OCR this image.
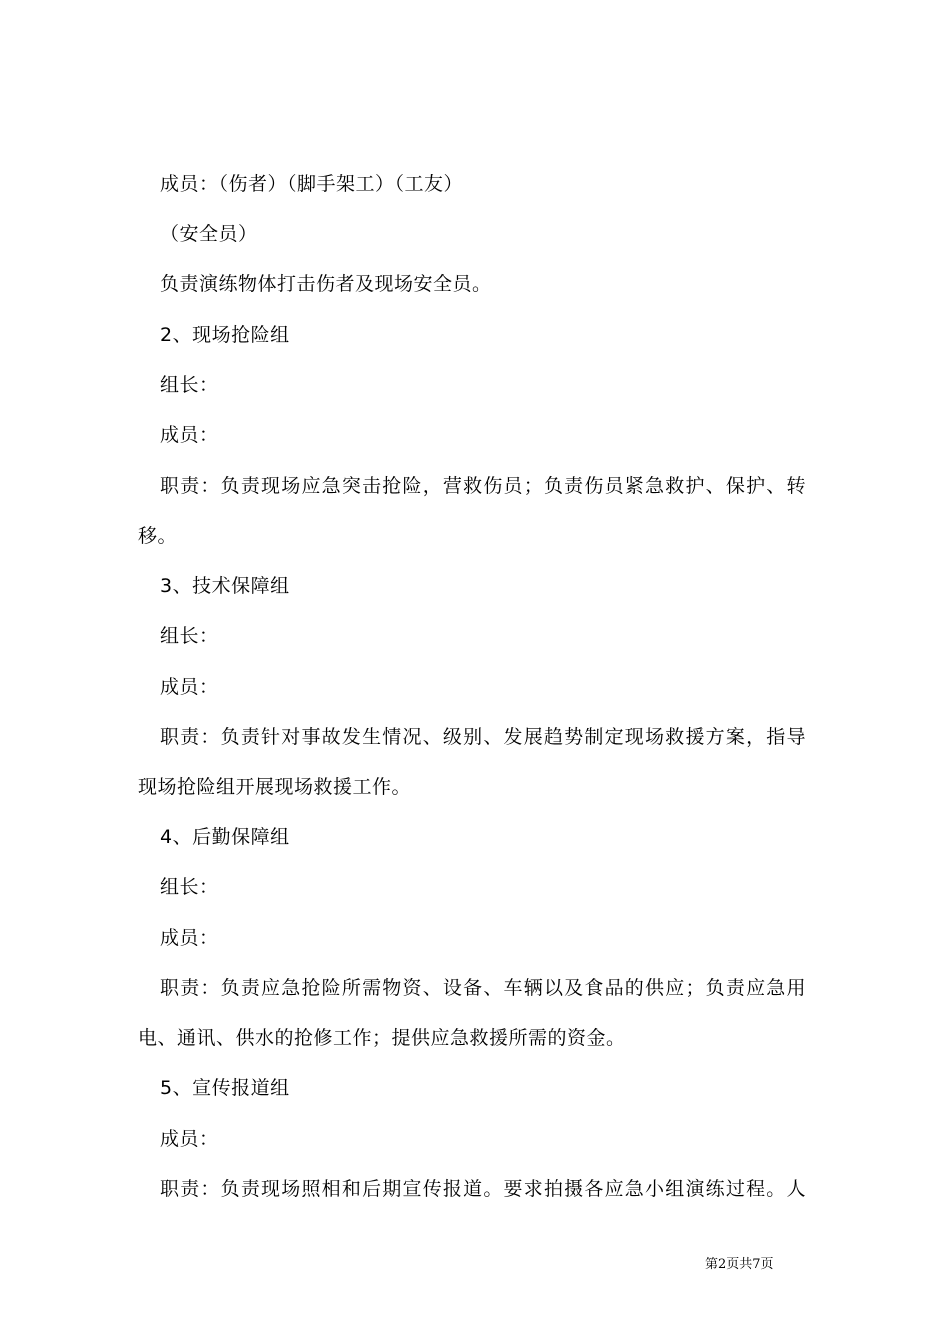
成员：（伤者）（脚手架工）（工友）
（安全员）
负责演练物体打击伤者及现场安全员。
2、现场抢险组
组长：
成员：
职责：负责现场应急突击抢险，营救伤员；负责伤员紧急救护、保护、转
移。
3、技术保障组
组长：
成员：
职责：负责针对事故发生情况、级别、发展趋势制定现场救援方案，指导
现场抢险组开展现场救援工作。
4、后勤保障组
组长：
成员：
职责：负责应急抢险所需物资、设备、车辆以及食品的供应；负责应急用
电、通讯、供水的抢修工作；提供应急救援所需的资金。
5、宣传报道组
成员：
职责：负责现场照相和后期宣传报道。要求拍摄各应急小组演练过程。人
第2页共7页
